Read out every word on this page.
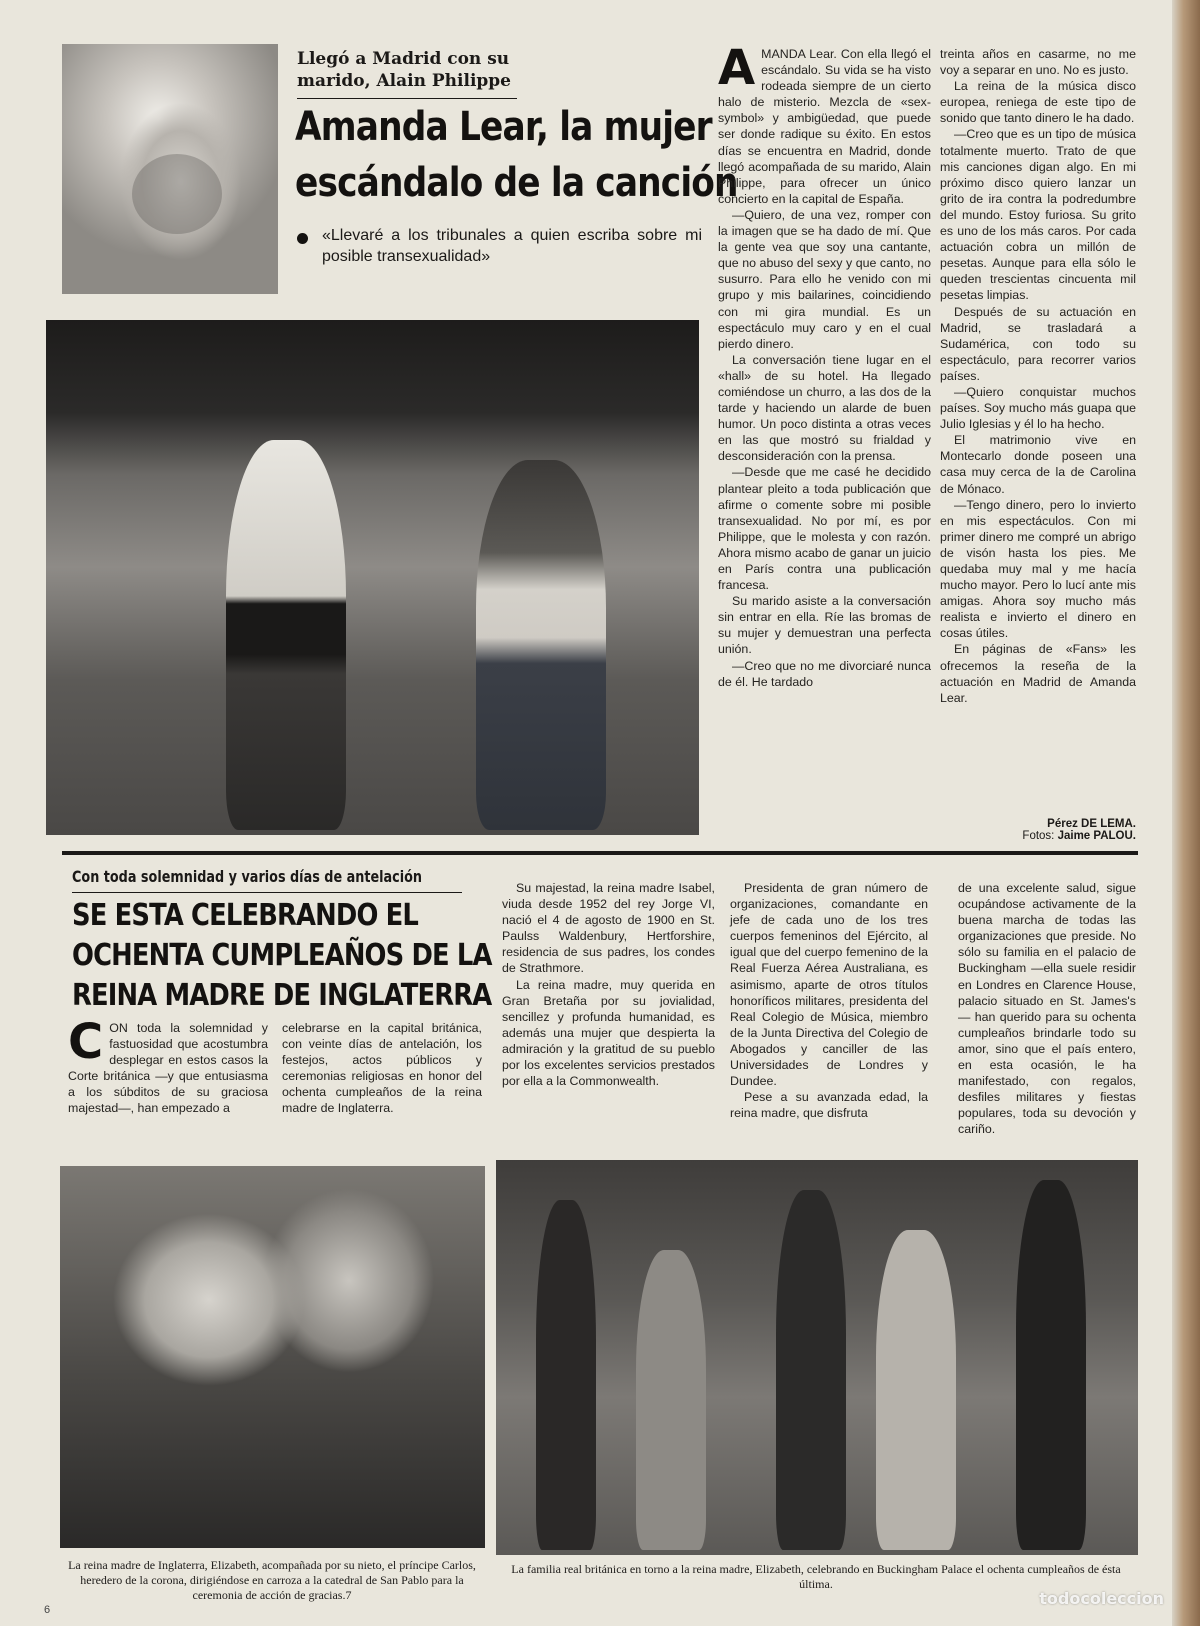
Llegó a Madrid con su marido, Alain Philippe
Amanda Lear, la mujer
escándalo de la canción
«Llevaré a los tribunales a quien escriba sobre mi posible transexualidad»

AMANDA Lear. Con ella llegó el escándalo. Su vida se ha visto rodeada siempre de un cierto halo de misterio. Mezcla de «sex-symbol» y ambigüedad, que puede ser donde radique su éxito. En estos días se encuentra en Madrid, donde llegó acompañada de su marido, Alain Philippe, para ofrecer un único concierto en la capital de España.

—Quiero, de una vez, romper con la imagen que se ha dado de mí. Que la gente vea que soy una cantante, que no abuso del sexy y que canto, no susurro. Para ello he venido con mi grupo y mis bailarines, coincidiendo con mi gira mundial. Es un espectáculo muy caro y en el cual pierdo dinero.

La conversación tiene lugar en el «hall» de su hotel. Ha llegado comiéndose un churro, a las dos de la tarde y haciendo un alarde de buen humor. Un poco distinta a otras veces en las que mostró su frialdad y desconsideración con la prensa.

—Desde que me casé he decidido plantear pleito a toda publicación que afirme o comente sobre mi posible transexualidad. No por mí, es por Philippe, que le molesta y con razón. Ahora mismo acabo de ganar un juicio en París contra una publicación francesa.

Su marido asiste a la conversación sin entrar en ella. Ríe las bromas de su mujer y demuestran una perfecta unión.

—Creo que no me divorciaré nunca de él. He tardado

treinta años en casarme, no me voy a separar en uno. No es justo.

La reina de la música disco europea, reniega de este tipo de sonido que tanto dinero le ha dado.

—Creo que es un tipo de música totalmente muerto. Trato de que mis canciones digan algo. En mi próximo disco quiero lanzar un grito de ira contra la podredumbre del mundo. Estoy furiosa. Su grito es uno de los más caros. Por cada actuación cobra un millón de pesetas. Aunque para ella sólo le queden trescientas cincuenta mil pesetas limpias.

Después de su actuación en Madrid, se trasladará a Sudamérica, con todo su espectáculo, para recorrer varios países.

—Quiero conquistar muchos países. Soy mucho más guapa que Julio Iglesias y él lo ha hecho.

El matrimonio vive en Montecarlo donde poseen una casa muy cerca de la de Carolina de Mónaco.

—Tengo dinero, pero lo invierto en mis espectáculos. Con mi primer dinero me compré un abrigo de visón hasta los pies. Me quedaba muy mal y me hacía mucho mayor. Pero lo lucí ante mis amigas. Ahora soy mucho más realista e invierto el dinero en cosas útiles.

En páginas de «Fans» les ofrecemos la reseña de la actuación en Madrid de Amanda Lear.

Pérez DE LEMA.
Fotos: Jaime PALOU.
Con toda solemnidad y varios días de antelación
SE ESTA CELEBRANDO EL
OCHENTA CUMPLEAÑOS DE LA
REINA MADRE DE INGLATERRA

CON toda la solemnidad y fastuosidad que acostumbra desplegar en estos casos la Corte británica —y que entusiasma a los súbditos de su graciosa majestad—, han empezado a

celebrarse en la capital británica, con veinte días de antelación, los festejos, actos públicos y ceremonias religiosas en honor del ochenta cumpleaños de la reina madre de Inglaterra.

Su majestad, la reina madre Isabel, viuda desde 1952 del rey Jorge VI, nació el 4 de agosto de 1900 en St. Paulss Waldenbury, Hertforshire, residencia de sus padres, los condes de Strathmore.

La reina madre, muy querida en Gran Bretaña por su jovialidad, sencillez y profunda humanidad, es además una mujer que despierta la admiración y la gratitud de su pueblo por los excelentes servicios prestados por ella a la Commonwealth.

Presidenta de gran número de organizaciones, comandante en jefe de cada uno de los tres cuerpos femeninos del Ejército, al igual que del cuerpo femenino de la Real Fuerza Aérea Australiana, es asimismo, aparte de otros títulos honoríficos militares, presidenta del Real Colegio de Música, miembro de la Junta Directiva del Colegio de Abogados y canciller de las Universidades de Londres y Dundee.

Pese a su avanzada edad, la reina madre, que disfruta

de una excelente salud, sigue ocupándose activamente de la buena marcha de todas las organizaciones que preside. No sólo su familia en el palacio de Buckingham —ella suele residir en Londres en Clarence House, palacio situado en St. James's— han querido para su ochenta cumpleaños brindarle todo su amor, sino que el país entero, en esta ocasión, le ha manifestado, con regalos, desfiles militares y fiestas populares, toda su devoción y cariño.

La reina madre de Inglaterra, Elizabeth, acompañada por su nieto, el príncipe Carlos, heredero de la corona, dirigiéndose en carroza a la catedral de San Pablo para la ceremonia de acción de gracias.7
La familia real británica en torno a la reina madre, Elizabeth, celebrando en Buckingham Palace el ochenta cumpleaños de ésta última.
6
todocoleccion
